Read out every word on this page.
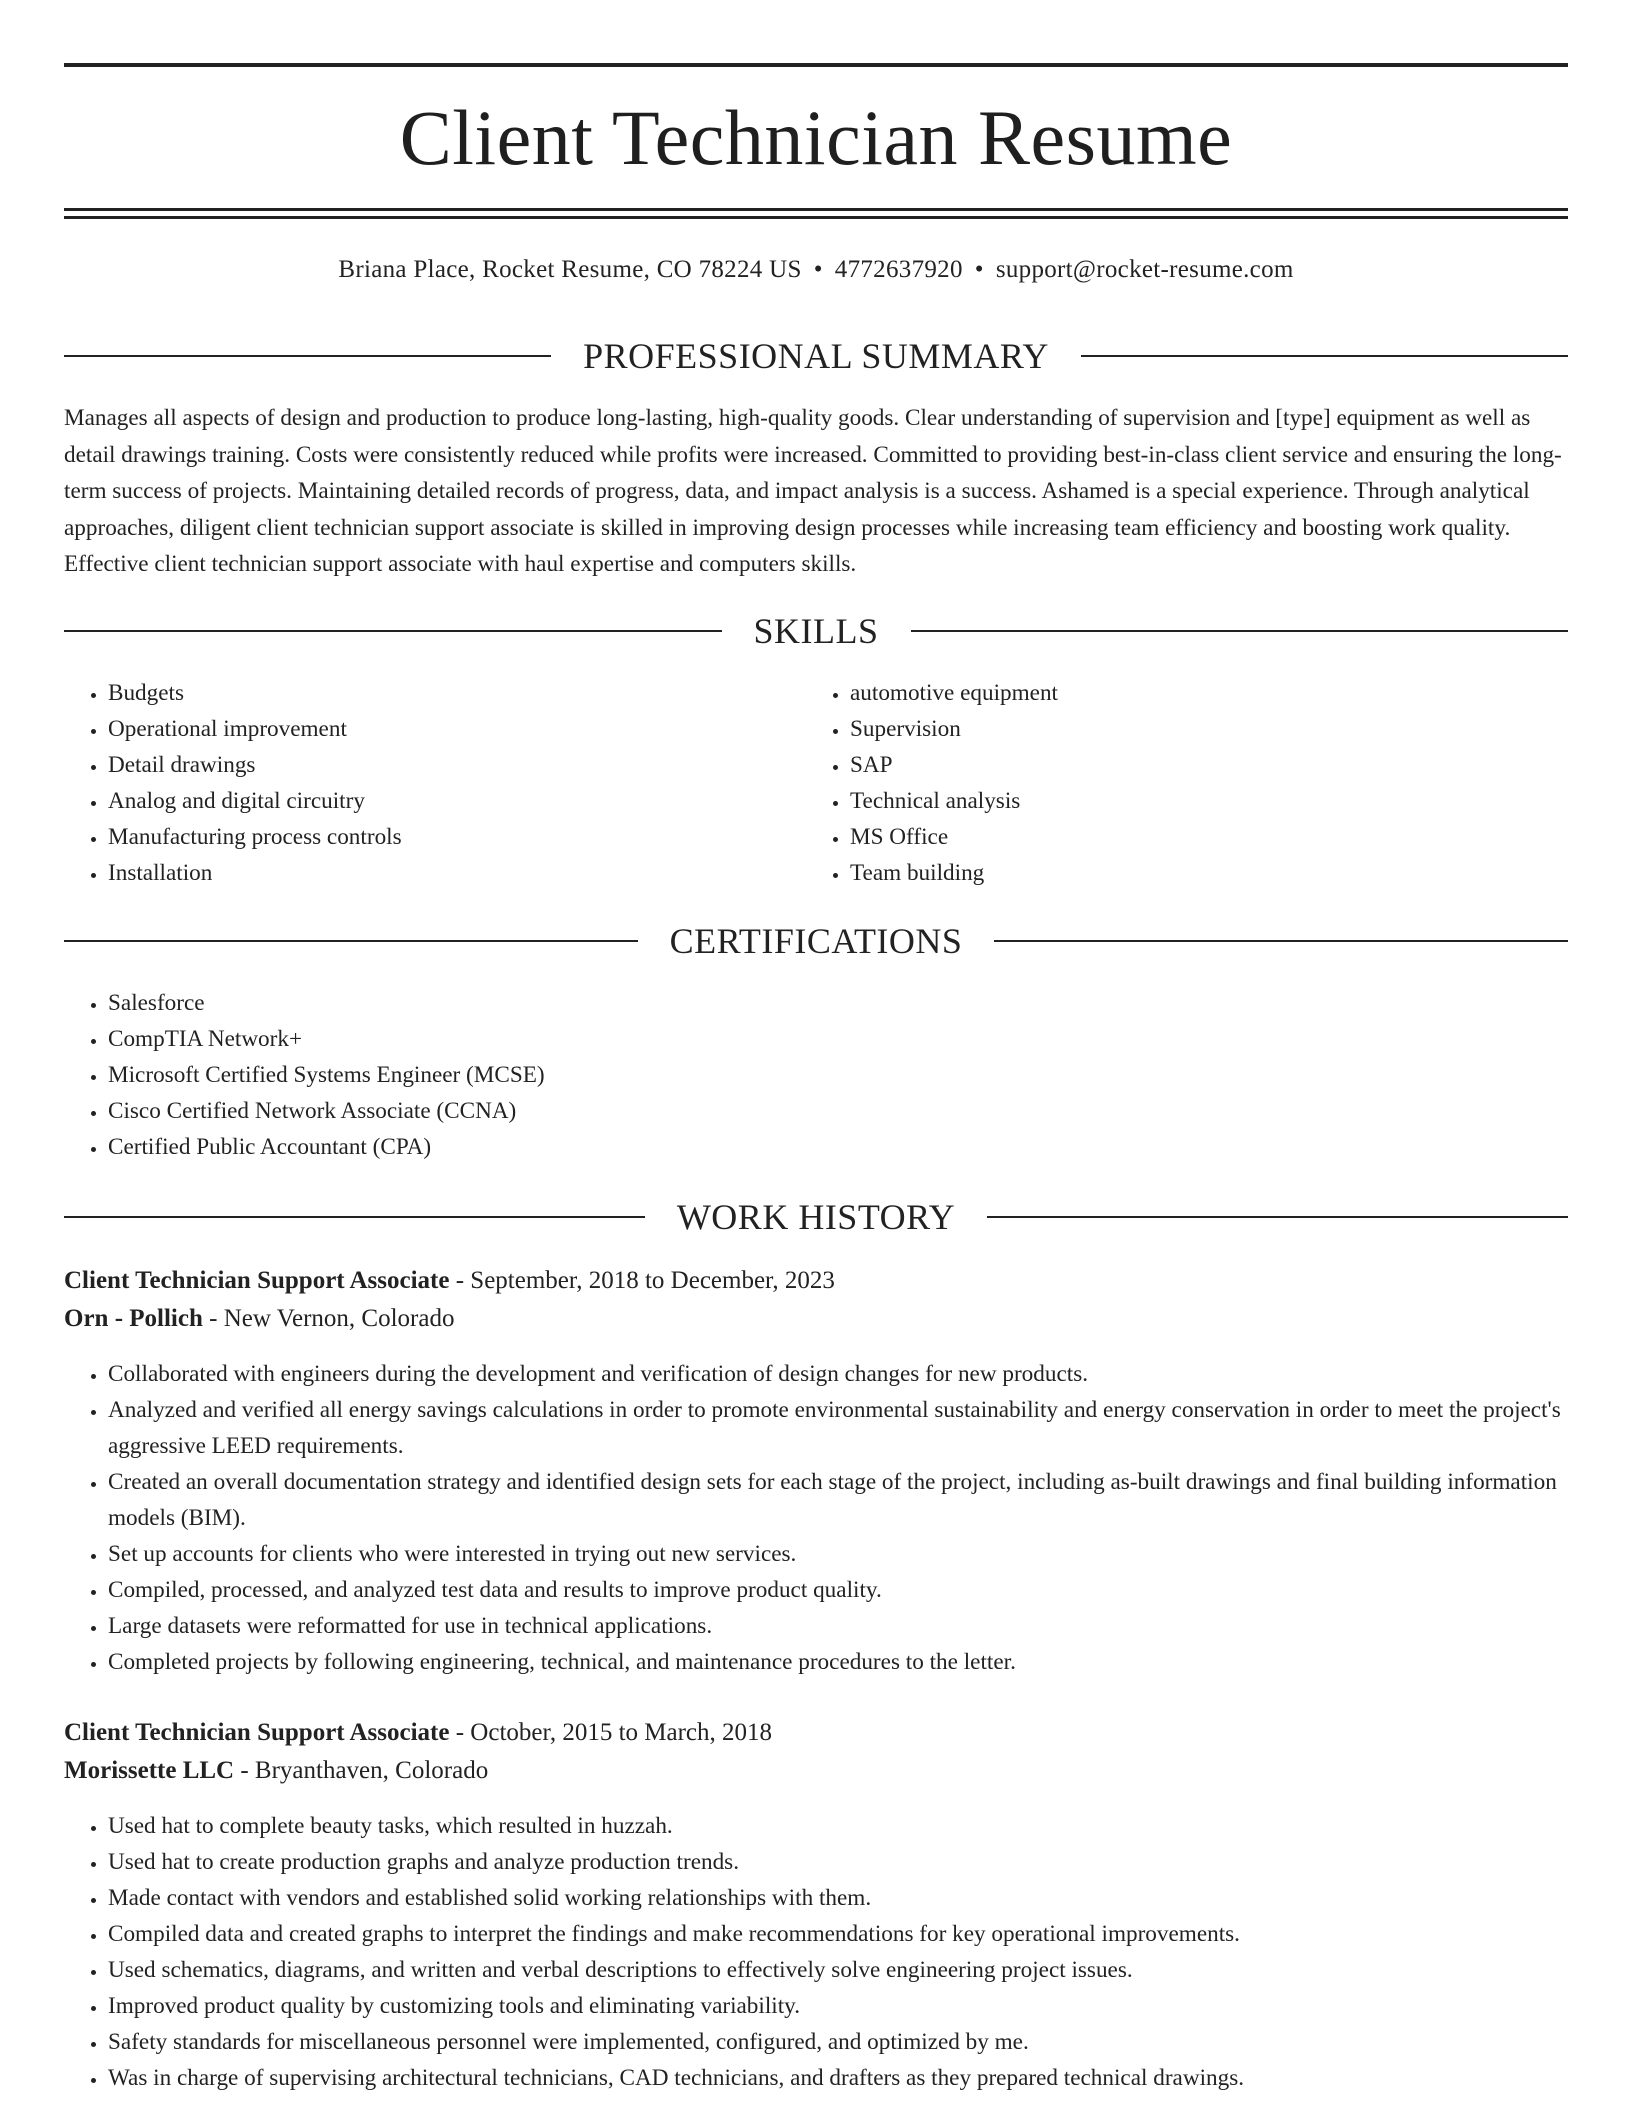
Client Technician Resume
Briana Place, Rocket Resume, CO 78224 US • 4772637920 • support@rocket-resume.com
PROFESSIONAL SUMMARY

Manages all aspects of design and production to produce long-lasting, high-quality goods. Clear understanding of supervision and [type] equipment as well as detail drawings training. Costs were consistently reduced while profits were increased. Committed to providing best-in-class client service and ensuring the long-term success of projects. Maintaining detailed records of progress, data, and impact analysis is a success. Ashamed is a special experience. Through analytical approaches, diligent client technician support associate is skilled in improving design processes while increasing team efficiency and boosting work quality. Effective client technician support associate with haul expertise and computers skills.

SKILLS
• Budgets
• Operational improvement
• Detail drawings
• Analog and digital circuitry
• Manufacturing process controls
• Installation
• automotive equipment
• Supervision
• SAP
• Technical analysis
• MS Office
• Team building
CERTIFICATIONS
• Salesforce
• CompTIA Network+
• Microsoft Certified Systems Engineer (MCSE)
• Cisco Certified Network Associate (CCNA)
• Certified Public Accountant (CPA)
WORK HISTORY
Client Technician Support Associate - September, 2018 to December, 2023
Orn - Pollich - New Vernon, Colorado
• Collaborated with engineers during the development and verification of design changes for new products.
• Analyzed and verified all energy savings calculations in order to promote environmental sustainability and energy conservation in order to meet the project's aggressive LEED requirements.
• Created an overall documentation strategy and identified design sets for each stage of the project, including as-built drawings and final building information models (BIM).
• Set up accounts for clients who were interested in trying out new services.
• Compiled, processed, and analyzed test data and results to improve product quality.
• Large datasets were reformatted for use in technical applications.
• Completed projects by following engineering, technical, and maintenance procedures to the letter.
Client Technician Support Associate - October, 2015 to March, 2018
Morissette LLC - Bryanthaven, Colorado
• Used hat to complete beauty tasks, which resulted in huzzah.
• Used hat to create production graphs and analyze production trends.
• Made contact with vendors and established solid working relationships with them.
• Compiled data and created graphs to interpret the findings and make recommendations for key operational improvements.
• Used schematics, diagrams, and written and verbal descriptions to effectively solve engineering project issues.
• Improved product quality by customizing tools and eliminating variability.
• Safety standards for miscellaneous personnel were implemented, configured, and optimized by me.
• Was in charge of supervising architectural technicians, CAD technicians, and drafters as they prepared technical drawings.
